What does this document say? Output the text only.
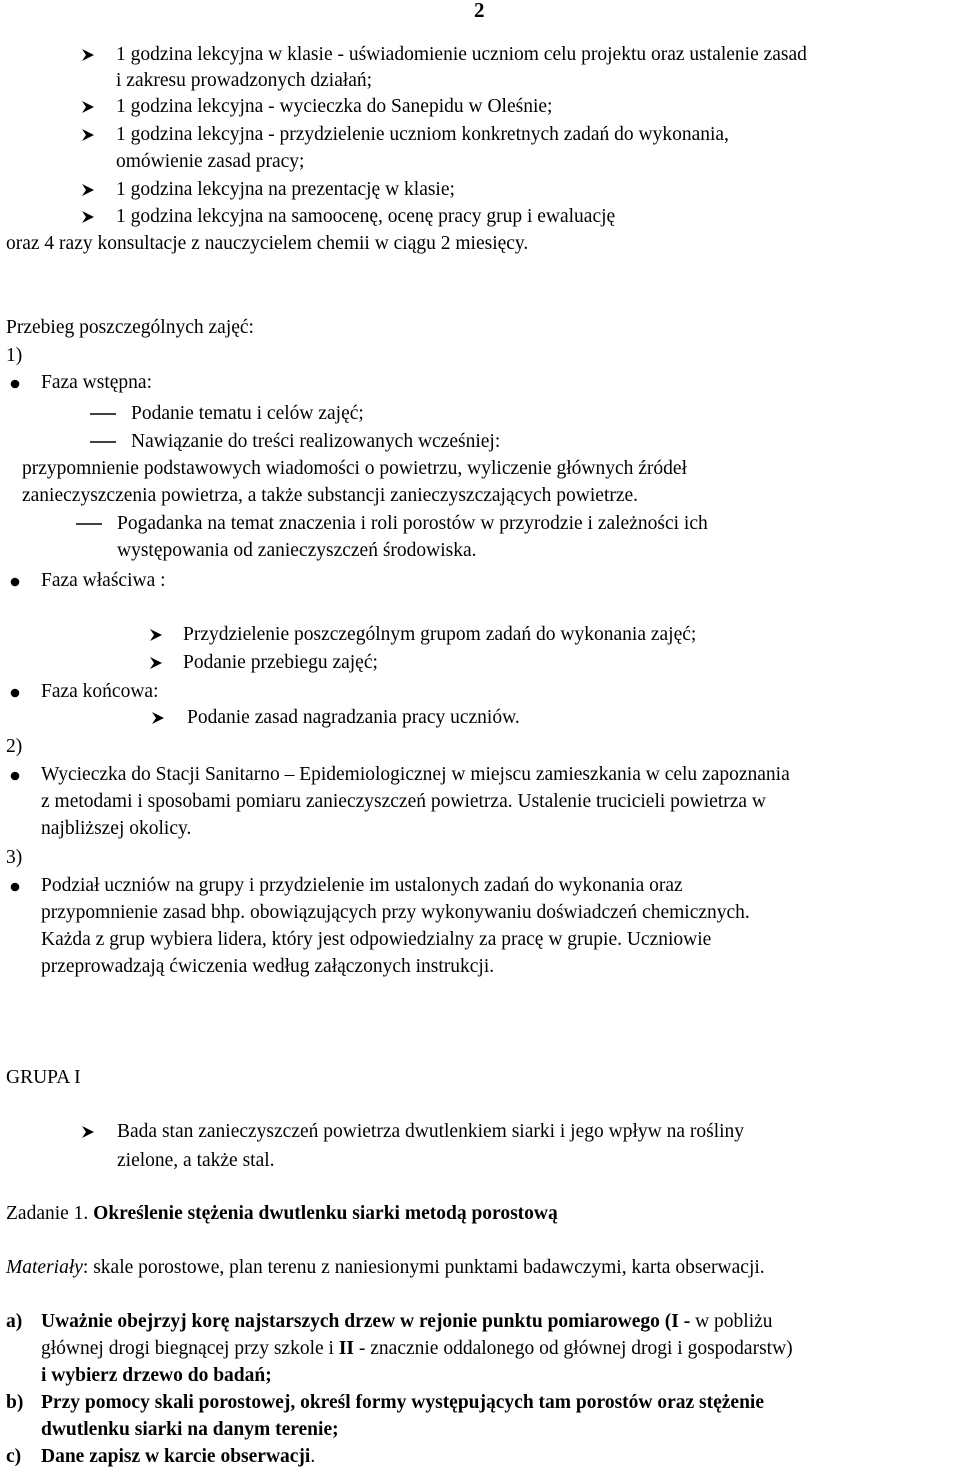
2
1 godzina lekcyjna w klasie - uświadomienie uczniom celu projektu oraz ustalenie zasad
i zakresu prowadzonych działań;
1 godzina lekcyjna - wycieczka do Sanepidu w Oleśnie;
1 godzina lekcyjna - przydzielenie uczniom konkretnych zadań do wykonania,
omówienie zasad pracy;
1 godzina lekcyjna na prezentację w klasie;
1 godzina lekcyjna na samoocenę, ocenę pracy grup i ewaluację
oraz 4 razy konsultacje z nauczycielem chemii w ciągu 2 miesięcy.
Przebieg poszczególnych zajęć:
1)
Faza wstępna:
Podanie tematu i celów zajęć;
Nawiązanie do treści realizowanych wcześniej:
przypomnienie podstawowych wiadomości o powietrzu, wyliczenie głównych źródeł
zanieczyszczenia powietrza, a także substancji zanieczyszczających powietrze.
Pogadanka na temat znaczenia i roli porostów w przyrodzie i zależności ich
występowania od zanieczyszczeń środowiska.
Faza właściwa :
Przydzielenie poszczególnym grupom zadań do wykonania zajęć;
Podanie przebiegu zajęć;
Faza końcowa:
Podanie zasad nagradzania pracy uczniów.
2)
Wycieczka do Stacji Sanitarno – Epidemiologicznej w miejscu zamieszkania w celu zapoznania
z metodami i sposobami pomiaru zanieczyszczeń powietrza. Ustalenie trucicieli powietrza w
najbliższej okolicy.
3)
Podział uczniów na grupy i przydzielenie im ustalonych zadań do wykonania oraz
przypomnienie zasad bhp. obowiązujących przy wykonywaniu doświadczeń chemicznych.
Każda z grup wybiera lidera, który jest odpowiedzialny za pracę w grupie. Uczniowie
przeprowadzają ćwiczenia według załączonych instrukcji.
GRUPA I
Bada stan zanieczyszczeń powietrza dwutlenkiem siarki i jego wpływ na rośliny
zielone, a także stal.
Zadanie 1. Określenie stężenia dwutlenku siarki metodą porostową
Materiały: skale porostowe, plan terenu z naniesionymi punktami badawczymi, karta obserwacji.
a) Uważnie obejrzyj korę najstarszych drzew w rejonie punktu pomiarowego (I - w pobliżu
głównej drogi biegnącej przy szkole i II - znacznie oddalonego od głównej drogi i gospodarstw)
i wybierz drzewo do badań;
b) Przy pomocy skali porostowej, określ formy występujących tam porostów oraz stężenie
dwutlenku siarki na danym terenie;
c) Dane zapisz w karcie obserwacji.
